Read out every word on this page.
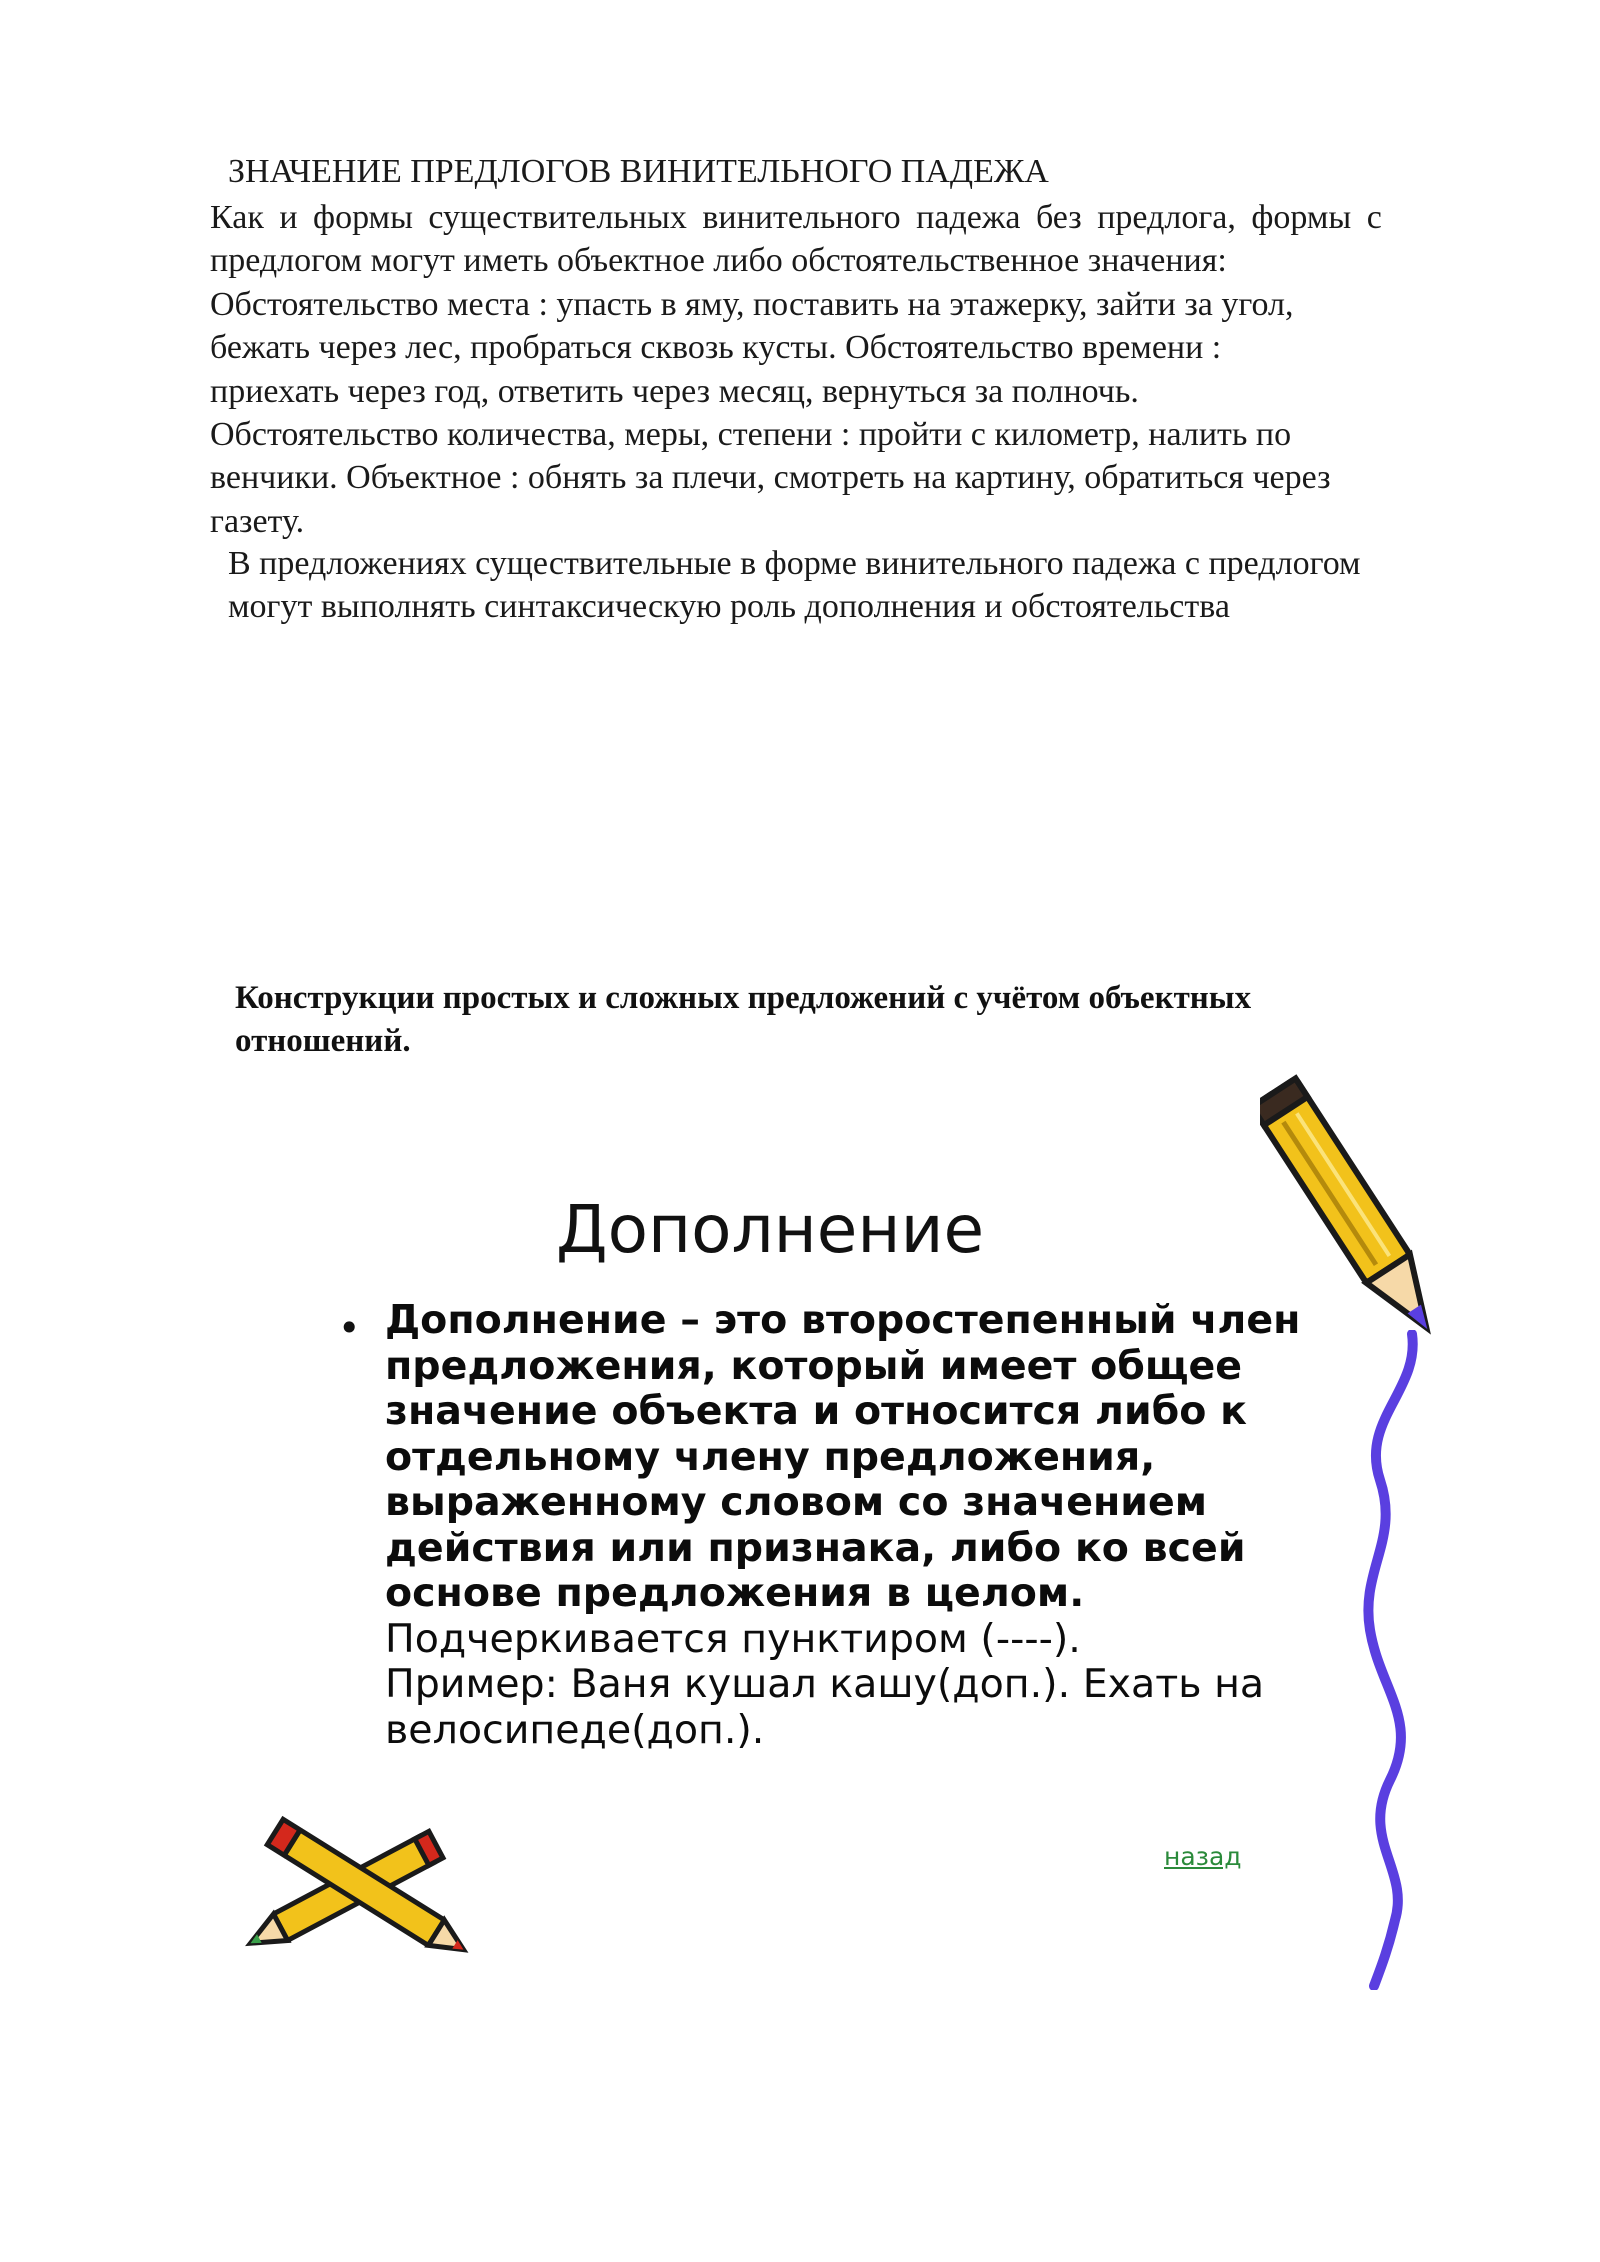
ЗНАЧЕНИЕ ПРЕДЛОГОВ ВИНИТЕЛЬНОГО ПАДЕЖА
Как и формы существительных винительного падежа без предлога, формы с
предлогом могут иметь объектное либо обстоятельственное значения:
Обстоятельство места : упасть в яму, поставить на этажерку, зайти за угол,
бежать через лес, пробраться сквозь кусты. Обстоятельство времени :
приехать через год, ответить через месяц, вернуться за полночь.
Обстоятельство количества, меры, степени : пройти с километр, налить по
венчики. Объектное : обнять за плечи, смотреть на картину, обратиться через
газету.
В предложениях существительные в форме винительного падежа с предлогом
могут выполнять синтаксическую роль дополнения и обстоятельства
Конструкции простых и сложных предложений с учётом объектных
отношений.
Дополнение
• Дополнение – это второстепенный член
предложения, который имеет общее
значение объекта и относится либо к
отдельному члену предложения,
выраженному словом со значением
действия или признака, либо ко всей
основе предложения в целом.
Подчеркивается пунктиром (----).
Пример: Ваня кушал кашу(доп.). Ехать на
велосипеде(доп.).
назад
